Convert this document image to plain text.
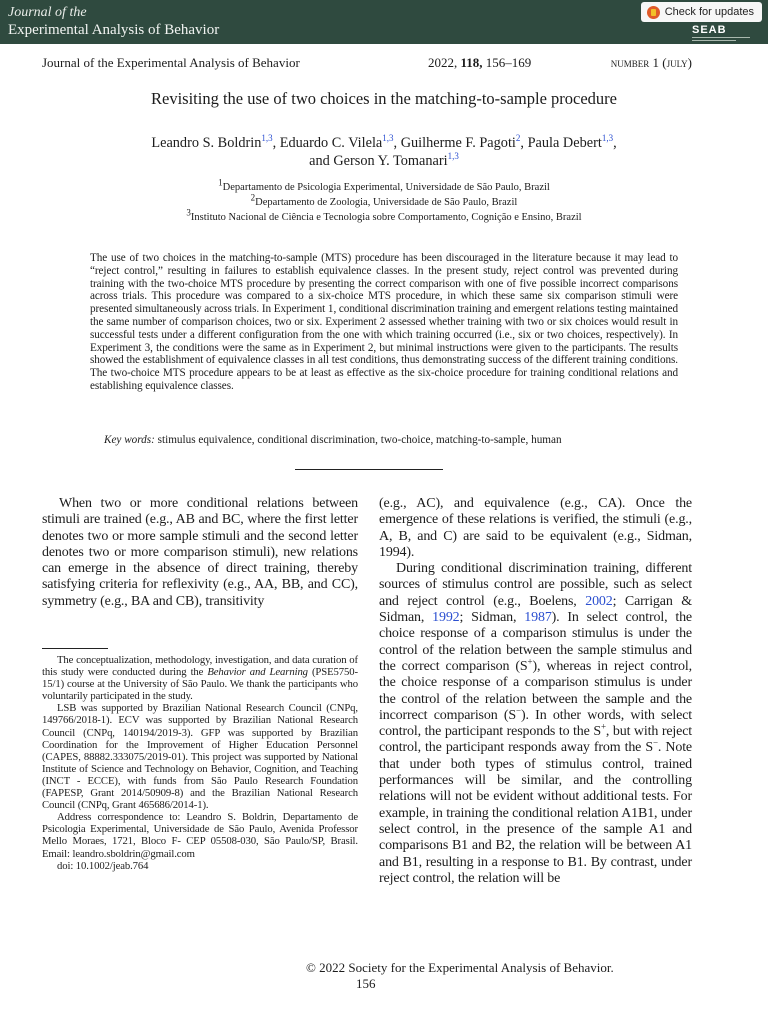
Journal of the
Experimental Analysis of Behavior
Check for updates
SEAB
Journal of the Experimental Analysis of Behavior	2022, 118, 156–169	number 1 (july)
Revisiting the use of two choices in the matching-to-sample procedure
Leandro S. Boldrin$^{1,3}$, Eduardo C. Vilela$^{1,3}$, Guilherme F. Pagoti$^2$, Paula Debert$^{1,3}$,
and Gerson Y. Tomanari$^{1,3}$
$^1$Departamento de Psicologia Experimental, Universidade de São Paulo, Brazil
$^2$Departamento de Zoologia, Universidade de São Paulo, Brazil
$^3$Instituto Nacional de Ciência e Tecnologia sobre Comportamento, Cognição e Ensino, Brazil
The use of two choices in the matching-to-sample (MTS) procedure has been discouraged in the literature because it may lead to “reject control,” resulting in failures to establish equivalence classes. In the present study, reject control was prevented during training with the two-choice MTS procedure by presenting the correct comparison with one of five possible incorrect comparisons across trials. This procedure was compared to a six-choice MTS procedure, in which these same six comparison stimuli were presented simultaneously across trials. In Experiment 1, conditional discrimination training and emergent relations testing maintained the same number of comparison choices, two or six. Experiment 2 assessed whether training with two or six choices would result in successful tests under a different configuration from the one with which training occurred (i.e., six or two choices, respectively). In Experiment 3, the conditions were the same as in Experiment 2, but minimal instructions were given to the participants. The results showed the establishment of equivalence classes in all test conditions, thus demonstrating success of the different training conditions. The two-choice MTS procedure appears to be at least as effective as the six-choice procedure for training conditional relations and establishing equivalence classes.
Key words: stimulus equivalence, conditional discrimination, two-choice, matching-to-sample, human

When two or more conditional relations between stimuli are trained (e.g., AB and BC, where the first letter denotes two or more sample stimuli and the second letter denotes two or more comparison stimuli), new relations can emerge in the absence of direct training, thereby satisfying criteria for reflexivity (e.g., AA, BB, and CC), symmetry (e.g., BA and CB), transitivity

The conceptualization, methodology, investigation, and data curation of this study were conducted during the Behavior and Learning (PSE5750-15/1) course at the University of São Paulo. We thank the participants who voluntarily participated in the study.

LSB was supported by Brazilian National Research Council (CNPq, 149766/2018-1). ECV was supported by Brazilian National Research Council (CNPq, 140194/2019-3). GFP was supported by Brazilian Coordination for the Improvement of Higher Education Personnel (CAPES, 88882.333075/2019-01). This project was supported by National Institute of Science and Technology on Behavior, Cognition, and Teaching (INCT - ECCE), with funds from São Paulo Research Foundation (FAPESP, Grant 2014/50909-8) and the Brazilian National Research Council (CNPq, Grant 465686/2014-1).

Address correspondence to: Leandro S. Boldrin, Departamento de Psicologia Experimental, Universidade de São Paulo, Avenida Professor Mello Moraes, 1721, Bloco F- CEP 05508-030, São Paulo/SP, Brasil. Email: leandro.sboldrin@gmail.com

doi: 10.1002/jeab.764

(e.g., AC), and equivalence (e.g., CA). Once the emergence of these relations is verified, the stimuli (e.g., A, B, and C) are said to be equivalent (e.g., Sidman, 1994).

During conditional discrimination training, different sources of stimulus control are possible, such as select and reject control (e.g., Boelens, 2002; Carrigan & Sidman, 1992; Sidman, 1987). In select control, the choice response of a comparison stimulus is under the control of the relation between the sample stimulus and the correct comparison (S+), whereas in reject control, the choice response of a comparison stimulus is under the control of the relation between the sample and the incorrect comparison (S−). In other words, with select control, the participant responds to the S+, but with reject control, the participant responds away from the S−. Note that under both types of stimulus control, trained performances will be similar, and the controlling relations will not be evident without additional tests. For example, in training the conditional relation A1B1, under select control, in the presence of the sample A1 and comparisons B1 and B2, the relation will be between A1 and B1, resulting in a response to B1. By contrast, under reject control, the relation will be

© 2022 Society for the Experimental Analysis of Behavior.
156
